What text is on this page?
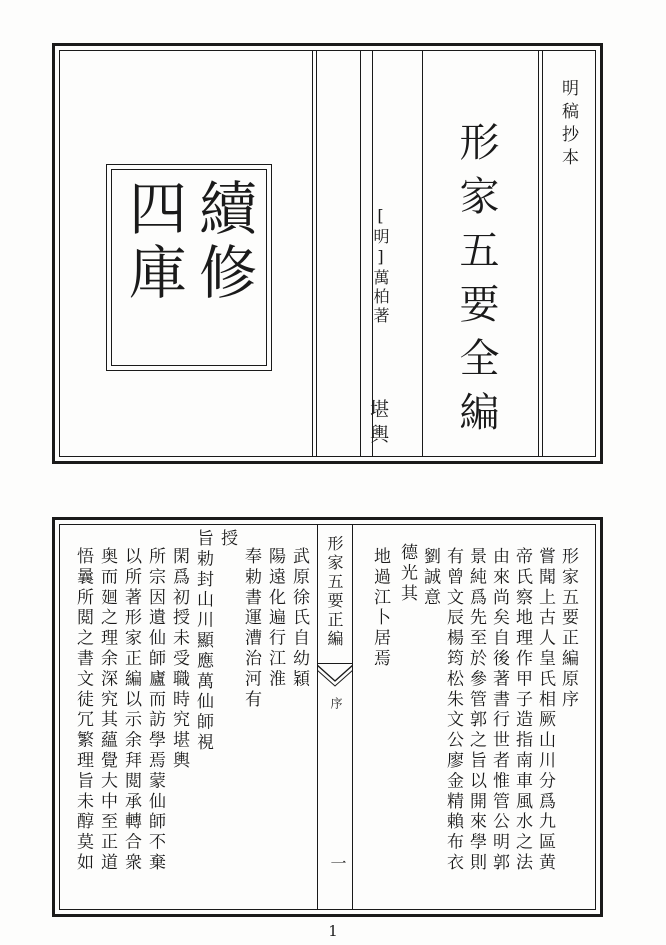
續修
四庫
明稿抄本
形家五要全編
[明]萬柏著
堪輿
形家五要正編
序
一
形家五要正編原序
嘗聞上古人皇氏相厥山川分爲九區黄
帝氏察地理作甲子造指南車風水之法
由來尚矣自後著書行世者惟管公明郭
景純爲先至於參管郭之旨以開來學則
有曾文辰楊筠松朱文公廖金精賴布衣
劉誠意
德光其
地過江卜居焉
武原徐氏自幼穎
陽遠化遍行江淮
奉勅書運漕治河有
授
旨勅封山川顯應萬仙師視
閑爲初授未受職時究堪輿
所宗因遺仙師廬而訪學焉蒙仙師不棄
以所著形家正編以示余拜閲承轉合衆
奥而廻之理余深究其蘊覺大中至正道
悟曩所閲之書文徒冗繁理旨未醇莫如
1
